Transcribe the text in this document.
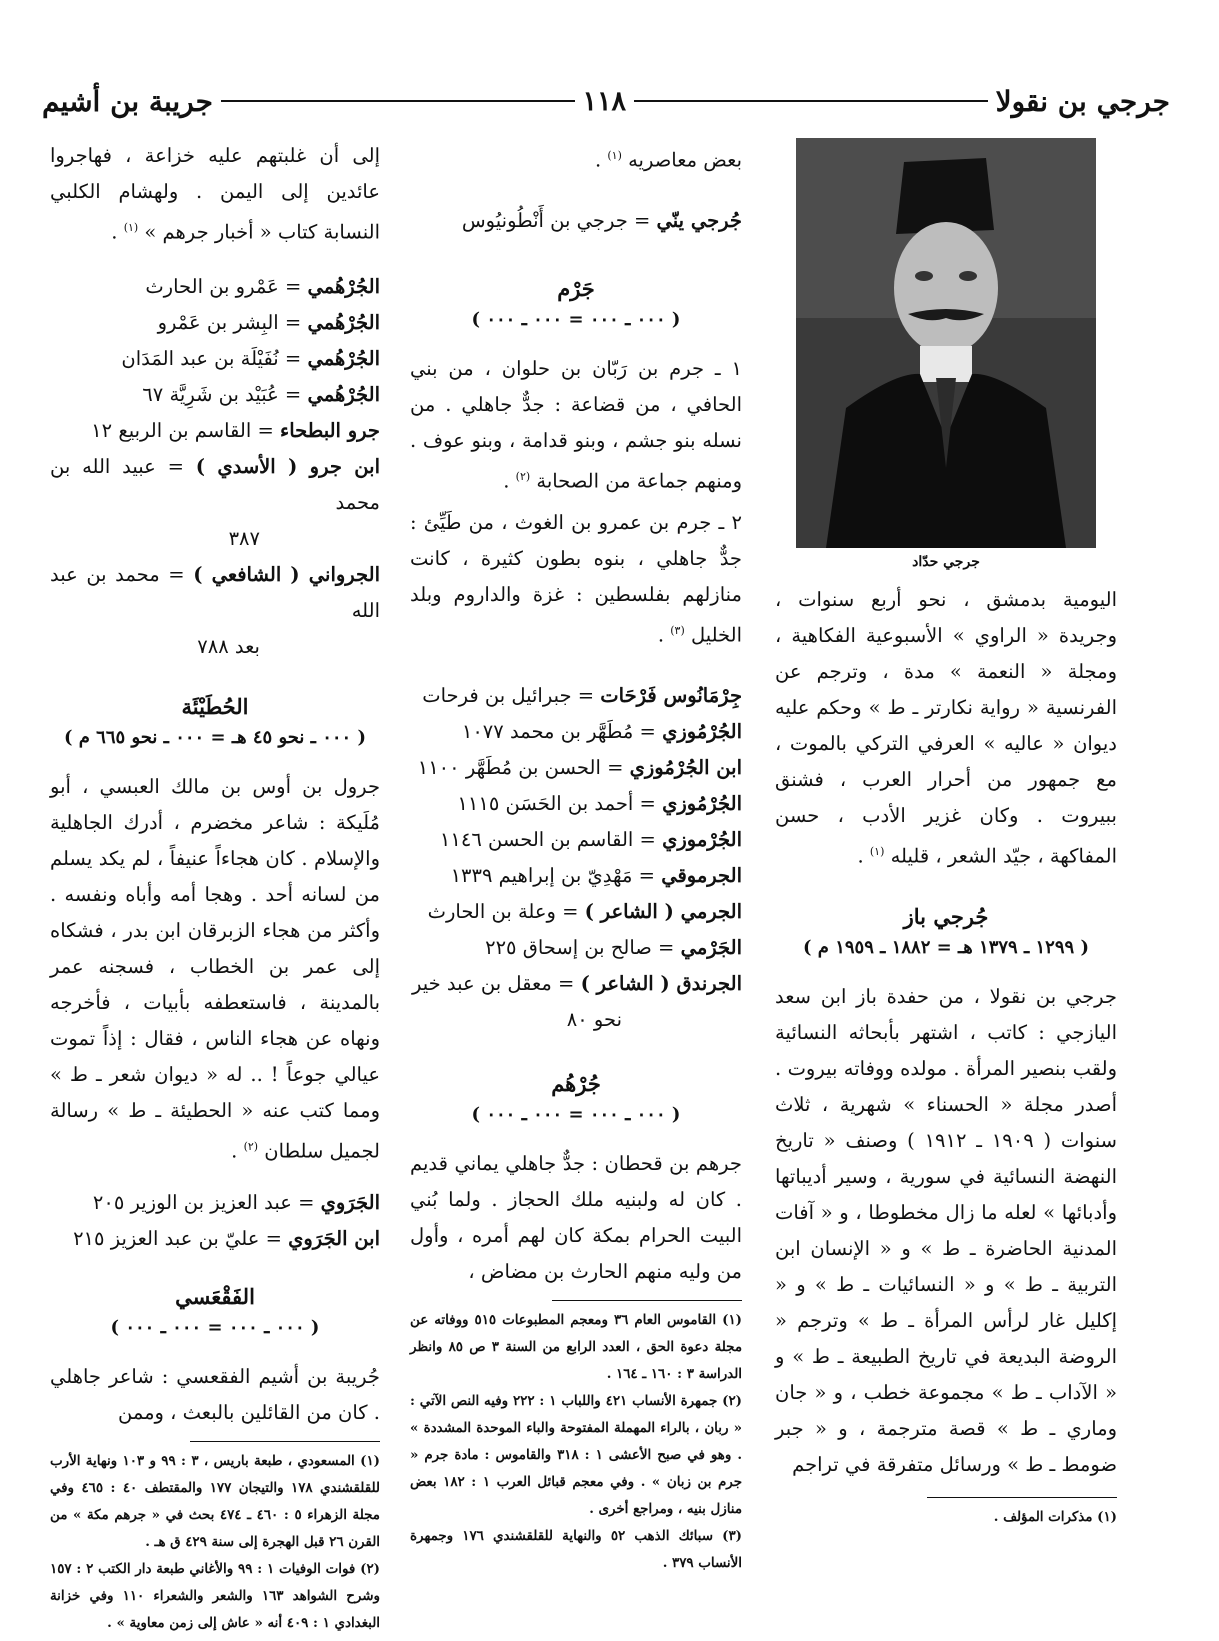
جرجي بن نقولا
١١٨
جريبة بن أشيم
جرجي حدّاد

اليومية بدمشق ، نحو أربع سنوات ، وجريدة « الراوي » الأسبوعية الفكاهية ، ومجلة « النعمة » مدة ، وترجم عن الفرنسية « رواية نكارتر ـ ط » وحكم عليه ديوان « عاليه » العرفي التركي بالموت ، مع جمهور من أحرار العرب ، فشنق ببيروت . وكان غزير الأدب ، حسن المفاكهة ، جيّد الشعر ، قليله $^{(١)}$ .

جُرجي باز
( ١٢٩٩ ـ ١٣٧٩ هـ = ١٨٨٢ ـ ١٩٥٩ م )

جرجي بن نقولا ، من حفدة باز ابن سعد اليازجي : كاتب ، اشتهر بأبحاثه النسائية ولقب بنصير المرأة . مولده ووفاته بيروت . أصدر مجلة « الحسناء » شهرية ، ثلاث سنوات ( ١٩٠٩ ـ ١٩١٢ ) وصنف « تاريخ النهضة النسائية في سورية ، وسير أديباتها وأدبائها » لعله ما زال مخطوطا ، و « آفات المدنية الحاضرة ـ ط » و « الإنسان ابن التربية ـ ط » و « النسائيات ـ ط » و « إكليل غار لرأس المرأة ـ ط » وترجم « الروضة البديعة في تاريخ الطبيعة ـ ط » و « الآداب ـ ط » مجموعة خطب ، و « جان وماري ـ ط » قصة مترجمة ، و « جبر ضومط ـ ط » ورسائل متفرقة في تراجم

(١) مذكرات المؤلف .

بعض معاصريه $^{(١)}$ .

جُرجي ينّي = جرجي بن أَنْطُونيُوس
جَرْم
( ٠٠٠ ـ ٠٠٠ = ٠٠٠ ـ ٠٠٠ )

١ ـ جرم بن رَبّان بن حلوان ، من بني الحافي ، من قضاعة : جدٌّ جاهلي . من نسله بنو جشم ، وبنو قدامة ، وبنو عوف . ومنهم جماعة من الصحابة $^{(٢)}$ .

٢ ـ جرم بن عمرو بن الغوث ، من طَيِّئ : جدٌّ جاهلي ، بنوه بطون كثيرة ، كانت منازلهم بفلسطين : غزة والداروم وبلد الخليل $^{(٣)}$ .

جِرْمَانُوس فَرْحَات = جبرائيل بن فرحات
الجُرْمُوزي = مُطَهَّر بن محمد ١٠٧٧
ابن الجُرْمُوزي = الحسن بن مُطَهَّر ١١٠٠
الجُرْمُوزي = أحمد بن الحَسَن ١١١٥
الجُرْموزي = القاسم بن الحسن ١١٤٦
الجرموقي = مَهْدِيّ بن إبراهيم ١٣٣٩
الجرمي ( الشاعر ) = وعلة بن الحارث
الجَرْمي = صالح بن إسحاق ٢٢٥
الجرندق ( الشاعر ) = معقل بن عبد خير
نحو ٨٠
جُرْهُم
( ٠٠٠ ـ ٠٠٠ = ٠٠٠ ـ ٠٠٠ )

جرهم بن قحطان : جدٌّ جاهلي يماني قديم . كان له ولبنيه ملك الحجاز . ولما بُني البيت الحرام بمكة كان لهم أمره ، وأول من وليه منهم الحارث بن مضاض ،

(١) القاموس العام ٣٦ ومعجم المطبوعات ٥١٥ ووفاته عن مجلة دعوة الحق ، العدد الرابع من السنة ٣ ص ٨٥ وانظر الدراسة ٣ : ١٦٠ ـ ١٦٤ .

(٢) جمهرة الأنساب ٤٢١ واللباب ١ : ٢٢٢ وفيه النص الآتي : « ربان ، بالراء المهملة المفتوحة والباء الموحدة المشددة » . وهو في صبح الأعشى ١ : ٣١٨ والقاموس : مادة جرم « جرم بن زبان » . وفي معجم قبائل العرب ١ : ١٨٢ بعض منازل بنيه ، ومراجع أخرى .

(٣) سبائك الذهب ٥٢ والنهاية للقلقشندي ١٧٦ وجمهرة الأنساب ٣٧٩ .

إلى أن غلبتهم عليه خزاعة ، فهاجروا عائدين إلى اليمن . ولهشام الكلبي النسابة كتاب « أخبار جرهم » $^{(١)}$ .

الجُرْهُمي = عَمْرو بن الحارث
الجُرْهُمي = البِشر بن عَمْرو
الجُرْهُمي = نُفَيْلَة بن عبد المَدَان
الجُرْهُمي = عُبَيْد بن شَرِيَّة ٦٧
جرو البطحاء = القاسم بن الربيع ١٢
ابن جرو ( الأسدي ) = عبيد الله بن محمد
٣٨٧
الجرواني ( الشافعي ) = محمد بن عبد الله
بعد ٧٨٨
الحُطَيْئَة
( ٠٠٠ ـ نحو ٤٥ هـ = ٠٠٠ ـ نحو ٦٦٥ م )

جرول بن أوس بن مالك العبسي ، أبو مُلَيكة : شاعر مخضرم ، أدرك الجاهلية والإسلام . كان هجاءاً عنيفاً ، لم يكد يسلم من لسانه أحد . وهجا أمه وأباه ونفسه . وأكثر من هجاء الزبرقان ابن بدر ، فشكاه إلى عمر بن الخطاب ، فسجنه عمر بالمدينة ، فاستعطفه بأبيات ، فأخرجه ونهاه عن هجاء الناس ، فقال : إذاً تموت عيالي جوعاً ! .. له « ديوان شعر ـ ط » ومما كتب عنه « الحطيئة ـ ط » رسالة لجميل سلطان $^{(٢)}$ .

الجَرَوي = عبد العزيز بن الوزير ٢٠٥
ابن الجَرَوي = عليّ بن عبد العزيز ٢١٥
الفَقْعَسي
( ٠٠٠ ـ ٠٠٠ = ٠٠٠ ـ ٠٠٠ )

جُريبة بن أشيم الفقعسي : شاعر جاهلي . كان من القائلين بالبعث ، وممن

(١) المسعودي ، طبعة باريس ، ٣ : ٩٩ و ١٠٣ ونهاية الأرب للقلقشندي ١٧٨ والتيجان ١٧٧ والمقتطف ٤٠ : ٤٦٥ وفي مجلة الزهراء ٥ : ٤٦٠ ـ ٤٧٤ بحث في « جرهم مكة » من القرن ٢٦ قبل الهجرة إلى سنة ٤٢٩ ق هـ .

(٢) فوات الوفيات ١ : ٩٩ والأغاني طبعة دار الكتب ٢ : ١٥٧ وشرح الشواهد ١٦٣ والشعر والشعراء ١١٠ وفي خزانة البغدادي ١ : ٤٠٩ أنه « عاش إلى زمن معاوية » .
